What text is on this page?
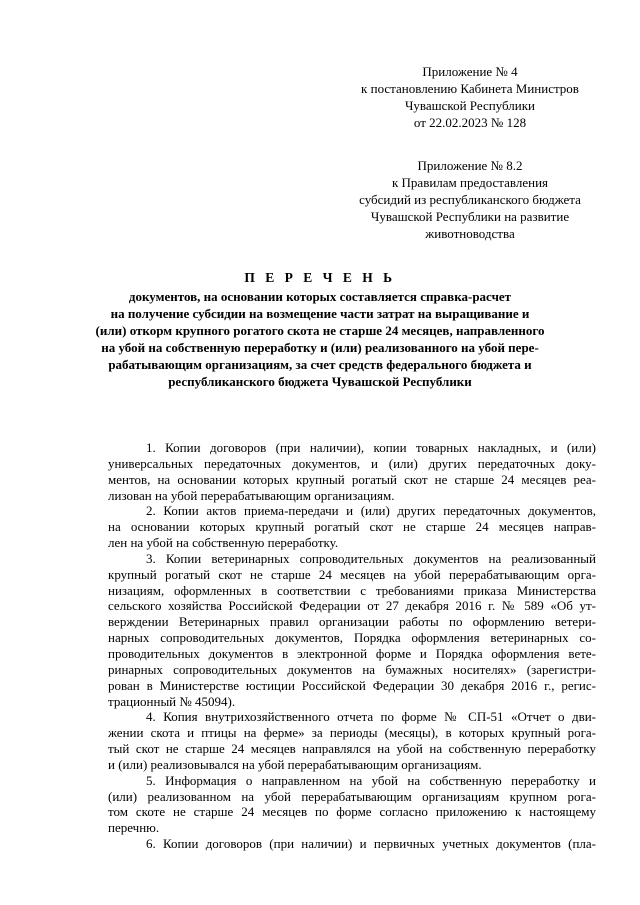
Приложение № 4
к постановлению Кабинета Министров
Чувашской Республики
от 22.02.2023 № 128
Приложение № 8.2
к Правилам предоставления
субсидий из республиканского бюджета
Чувашской Республики на развитие
животноводства
П Е Р Е Ч Е Н Ь
документов, на основании которых составляется справка-расчет
на получение субсидии на возмещение части затрат на выращивание и
(или) откорм крупного рогатого скота не старше 24 месяцев, направленного
на убой на собственную переработку и (или) реализованного на убой пере-
рабатывающим организациям, за счет средств федерального бюджета и
республиканского бюджета Чувашской Республики
1. Копии договоров (при наличии), копии товарных накладных, и (или)
универсальных передаточных документов, и (или) других передаточных доку-
ментов, на основании которых крупный рогатый скот не старше 24 месяцев реа-
лизован на убой перерабатывающим организациям.
2. Копии актов приема-передачи и (или) других передаточных документов,
на основании которых крупный рогатый скот не старше 24 месяцев направ-
лен на убой на собственную переработку.
3. Копии ветеринарных сопроводительных документов на реализованный
крупный рогатый скот не старше 24 месяцев на убой перерабатывающим орга-
низациям, оформленных в соответствии с требованиями приказа Министерства
сельского хозяйства Российской Федерации от 27 декабря 2016 г. № 589 «Об ут-
верждении Ветеринарных правил организации работы по оформлению ветери-
нарных сопроводительных документов, Порядка оформления ветеринарных со-
проводительных документов в электронной форме и Порядка оформления вете-
ринарных сопроводительных документов на бумажных носителях» (зарегистри-
рован в Министерстве юстиции Российской Федерации 30 декабря 2016 г., регис-
трационный № 45094).
4. Копия внутрихозяйственного отчета по форме № СП-51 «Отчет о дви-
жении скота и птицы на ферме» за периоды (месяцы), в которых крупный рога-
тый скот не старше 24 месяцев направлялся на убой на собственную переработку
и (или) реализовывался на убой перерабатывающим организациям.
5. Информация о направленном на убой на собственную переработку и
(или) реализованном на убой перерабатывающим организациям крупном рогa-
том скоте не старше 24 месяцев по форме согласно приложению к настоящему
перечню.
6. Копии договоров (при наличии) и первичных учетных документов (пла-
